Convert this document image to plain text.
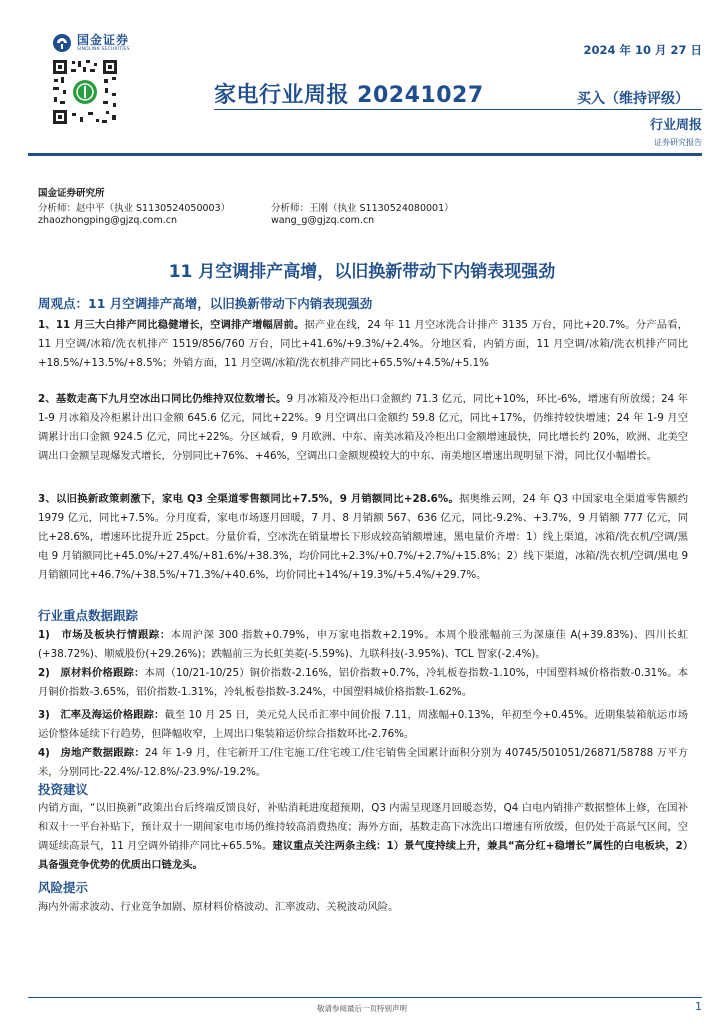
国金证券
SINOLINK SECURITIES	2024 年 10 月 27 日
家电行业周报 20241027	买入（维持评级）
行业周报
证券研究报告
国金证券研究所
分析师：赵中平（执业 S1130524050003）
zhaozhongping@gjzq.com.cn
分析师：王刚（执业 S1130524080001）
wang_g@gjzq.com.cn
11 月空调排产高增，以旧换新带动下内销表现强劲
周观点：11 月空调排产高增，以旧换新带动下内销表现强劲
1、11 月三大白排产同比稳健增长，空调排产增幅居前。据产业在线，24 年 11 月空冰洗合计排产 3135 万台，同比+20.7%。分产品看，11 月空调/冰箱/洗衣机排产 1519/856/760 万台，同比+41.6%/+9.3%/+2.4%。分地区看，内销方面，11 月空调/冰箱/洗衣机排产同比+18.5%/+13.5%/+8.5%；外销方面，11 月空调/冰箱/洗衣机排产同比+65.5%/+4.5%/+5.1%
2、基数走高下九月空冰出口同比仍维持双位数增长。9 月冰箱及冷柜出口金额约 71.3 亿元，同比+10%，环比-6%，增速有所放缓；24 年 1-9 月冰箱及冷柜累计出口金额 645.6 亿元，同比+22%。9 月空调出口金额约 59.8 亿元，同比+17%，仍维持较快增速；24 年 1-9 月空调累计出口金额 924.5 亿元，同比+22%。分区域看，9 月欧洲、中东、南美冰箱及冷柜出口金额增速最快，同比增长约 20%，欧洲、北美空调出口金额呈现爆发式增长，分别同比+76%、+46%，空调出口金额规模较大的中东、南美地区增速出现明显下滑，同比仅小幅增长。
3、以旧换新政策刺激下，家电 Q3 全渠道零售额同比+7.5%，9 月销额同比+28.6%。据奥维云网，24 年 Q3 中国家电全渠道零售额约 1979 亿元，同比+7.5%。分月度看，家电市场逐月回暖，7 月、8 月销额 567、636 亿元，同比-9.2%、+3.7%，9 月销额 777 亿元，同比+28.6%，增速环比提升近 25pct。分量价看，空冰洗在销量增长下形成较高销额增速，黑电量价齐增：1）线上渠道，冰箱/洗衣机/空调/黑电 9 月销额同比+45.0%/+27.4%/+81.6%/+38.3%，均价同比+2.3%/+0.7%/+2.7%/+15.8%；2）线下渠道，冰箱/洗衣机/空调/黑电 9 月销额同比+46.7%/+38.5%/+71.3%/+40.6%，均价同比+14%/+19.3%/+5.4%/+29.7%。
行业重点数据跟踪
1)　市场及板块行情跟踪：本周沪深 300 指数+0.79%，申万家电指数+2.19%。本周个股涨幅前三为深康佳 A(+39.83%)、四川长虹(+38.72%)、顺威股份(+29.26%)；跌幅前三为长虹美菱(-5.59%)、九联科技(-3.95%)、TCL 智家(-2.4%)。
2)　原材料价格跟踪：本周（10/21-10/25）铜价指数-2.16%，铝价指数+0.7%，冷轧板卷指数-1.10%，中国塑料城价格指数-0.31%。本月铜价指数-3.65%，铝价指数-1.31%，冷轧板卷指数-3.24%，中国塑料城价格指数-1.62%。
3)　汇率及海运价格跟踪：截至 10 月 25 日，美元兑人民币汇率中间价报 7.11，周涨幅+0.13%，年初至今+0.45%。近期集装箱航运市场运价整体延续下行趋势，但降幅收窄，上周出口集装箱运价综合指数环比-2.76%。
4)　房地产数据跟踪：24 年 1-9 月，住宅新开工/住宅施工/住宅竣工/住宅销售全国累计面积分别为 40745/501051/26871/58788 万平方米，分别同比-22.4%/-12.8%/-23.9%/-19.2%。
投资建议
内销方面，“以旧换新”政策出台后终端反馈良好，补贴消耗进度超预期，Q3 内需呈现逐月回暖态势，Q4 白电内销排产数据整体上修，在国补和双十一平台补贴下，预计双十一期间家电市场仍维持较高消费热度；海外方面，基数走高下冰洗出口增速有所放缓，但仍处于高景气区间，空调延续高景气，11 月空调外销排产同比+65.5%。建议重点关注两条主线：1）景气度持续上升，兼具“高分红+稳增长”属性的白电板块，2）具备强竞争优势的优质出口链龙头。
风险提示
海内外需求波动、行业竞争加剧、原材料价格波动、汇率波动、关税波动风险。
敬请参阅最后一页特别声明	1
